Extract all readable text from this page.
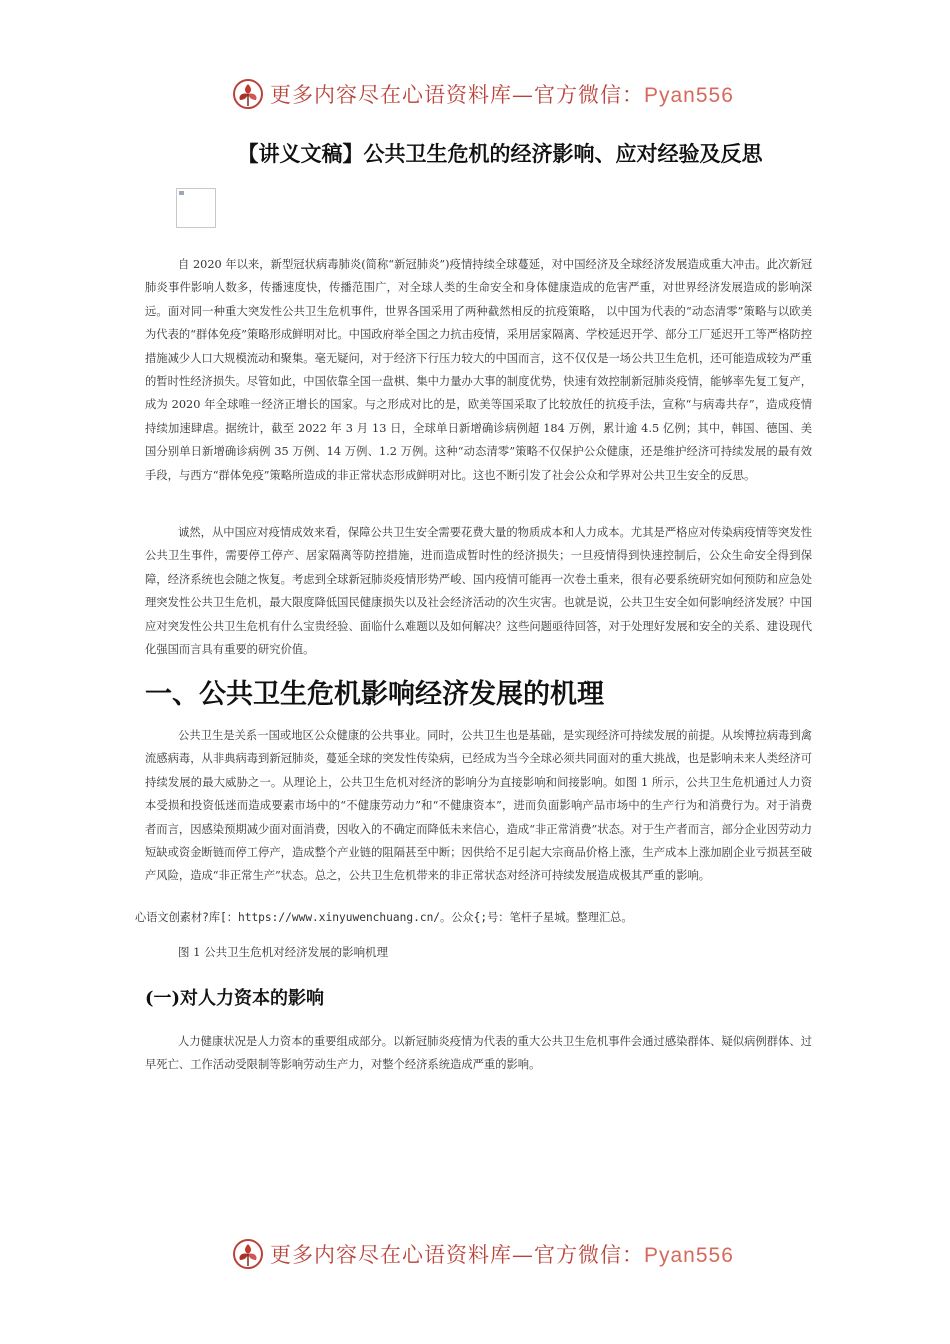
更多内容尽在心语资料库—官方微信：Pyan556
【讲义文稿】公共卫生危机的经济影响、应对经验及反思

自 2020 年以来，新型冠状病毒肺炎(简称“新冠肺炎”)疫情持续全球蔓延，对中国经济及全球经济发展造成重大冲击。此次新冠肺炎事件影响人数多，传播速度快，传播范围广，对全球人类的生命安全和身体健康造成的危害严重，对世界经济发展造成的影响深远。面对同一种重大突发性公共卫生危机事件，世界各国采用了两种截然相反的抗疫策略， 以中国为代表的“动态清零”策略与以欧美为代表的“群体免疫”策略形成鲜明对比。中国政府举全国之力抗击疫情，采用居家隔离、学校延迟开学、部分工厂延迟开工等严格防控措施减少人口大规模流动和聚集。毫无疑问，对于经济下行压力较大的中国而言，这不仅仅是一场公共卫生危机，还可能造成较为严重的暂时性经济损失。尽管如此，中国依靠全国一盘棋、集中力量办大事的制度优势，快速有效控制新冠肺炎疫情，能够率先复工复产，成为 2020 年全球唯一经济正增长的国家。与之形成对比的是，欧美等国采取了比较放任的抗疫手法，宣称“与病毒共存”，造成疫情持续加速肆虐。据统计，截至 2022 年 3 月 13 日，全球单日新增确诊病例超 184 万例，累计逾 4.5 亿例；其中，韩国、德国、美国分别单日新增确诊病例 35 万例、14 万例、1.2 万例。这种“动态清零”策略不仅保护公众健康，还是维护经济可持续发展的最有效手段，与西方“群体免疫”策略所造成的非正常状态形成鲜明对比。这也不断引发了社会公众和学界对公共卫生安全的反思。

诚然，从中国应对疫情成效来看，保障公共卫生安全需要花费大量的物质成本和人力成本。尤其是严格应对传染病疫情等突发性公共卫生事件，需要停工停产、居家隔离等防控措施，进而造成暂时性的经济损失；一旦疫情得到快速控制后，公众生命安全得到保障，经济系统也会随之恢复。考虑到全球新冠肺炎疫情形势严峻、国内疫情可能再一次卷土重来，很有必要系统研究如何预防和应急处理突发性公共卫生危机，最大限度降低国民健康损失以及社会经济活动的次生灾害。也就是说，公共卫生安全如何影响经济发展？中国应对突发性公共卫生危机有什么宝贵经验、面临什么难题以及如何解决？这些问题亟待回答，对于处理好发展和安全的关系、建设现代化强国而言具有重要的研究价值。

一、公共卫生危机影响经济发展的机理

公共卫生是关系一国或地区公众健康的公共事业。同时，公共卫生也是基础，是实现经济可持续发展的前提。从埃博拉病毒到禽流感病毒，从非典病毒到新冠肺炎，蔓延全球的突发性传染病，已经成为当今全球必须共同面对的重大挑战，也是影响未来人类经济可持续发展的最大威胁之一。从理论上，公共卫生危机对经济的影响分为直接影响和间接影响。如图 1 所示，公共卫生危机通过人力资本受损和投资低迷而造成要素市场中的“不健康劳动力”和“不健康资本”，进而负面影响产品市场中的生产行为和消费行为。对于消费者而言，因感染预期减少面对面消费，因收入的不确定而降低未来信心，造成“非正常消费”状态。对于生产者而言，部分企业因劳动力短缺或资金断链而停工停产，造成整个产业链的阻隔甚至中断；因供给不足引起大宗商品价格上涨，生产成本上涨加剧企业亏损甚至破产风险，造成“非正常生产”状态。总之，公共卫生危机带来的非正常状态对经济可持续发展造成极其严重的影响。

心语文创素材?库[：https://www.xinyuwenchuang.cn/。公众{;号：笔杆子星城。整理汇总。
图 1 公共卫生危机对经济发展的影响机理
(一)对人力资本的影响

人力健康状况是人力资本的重要组成部分。以新冠肺炎疫情为代表的重大公共卫生危机事件会通过感染群体、疑似病例群体、过早死亡、工作活动受限制等影响劳动生产力，对整个经济系统造成严重的影响。

更多内容尽在心语资料库—官方微信：Pyan556
